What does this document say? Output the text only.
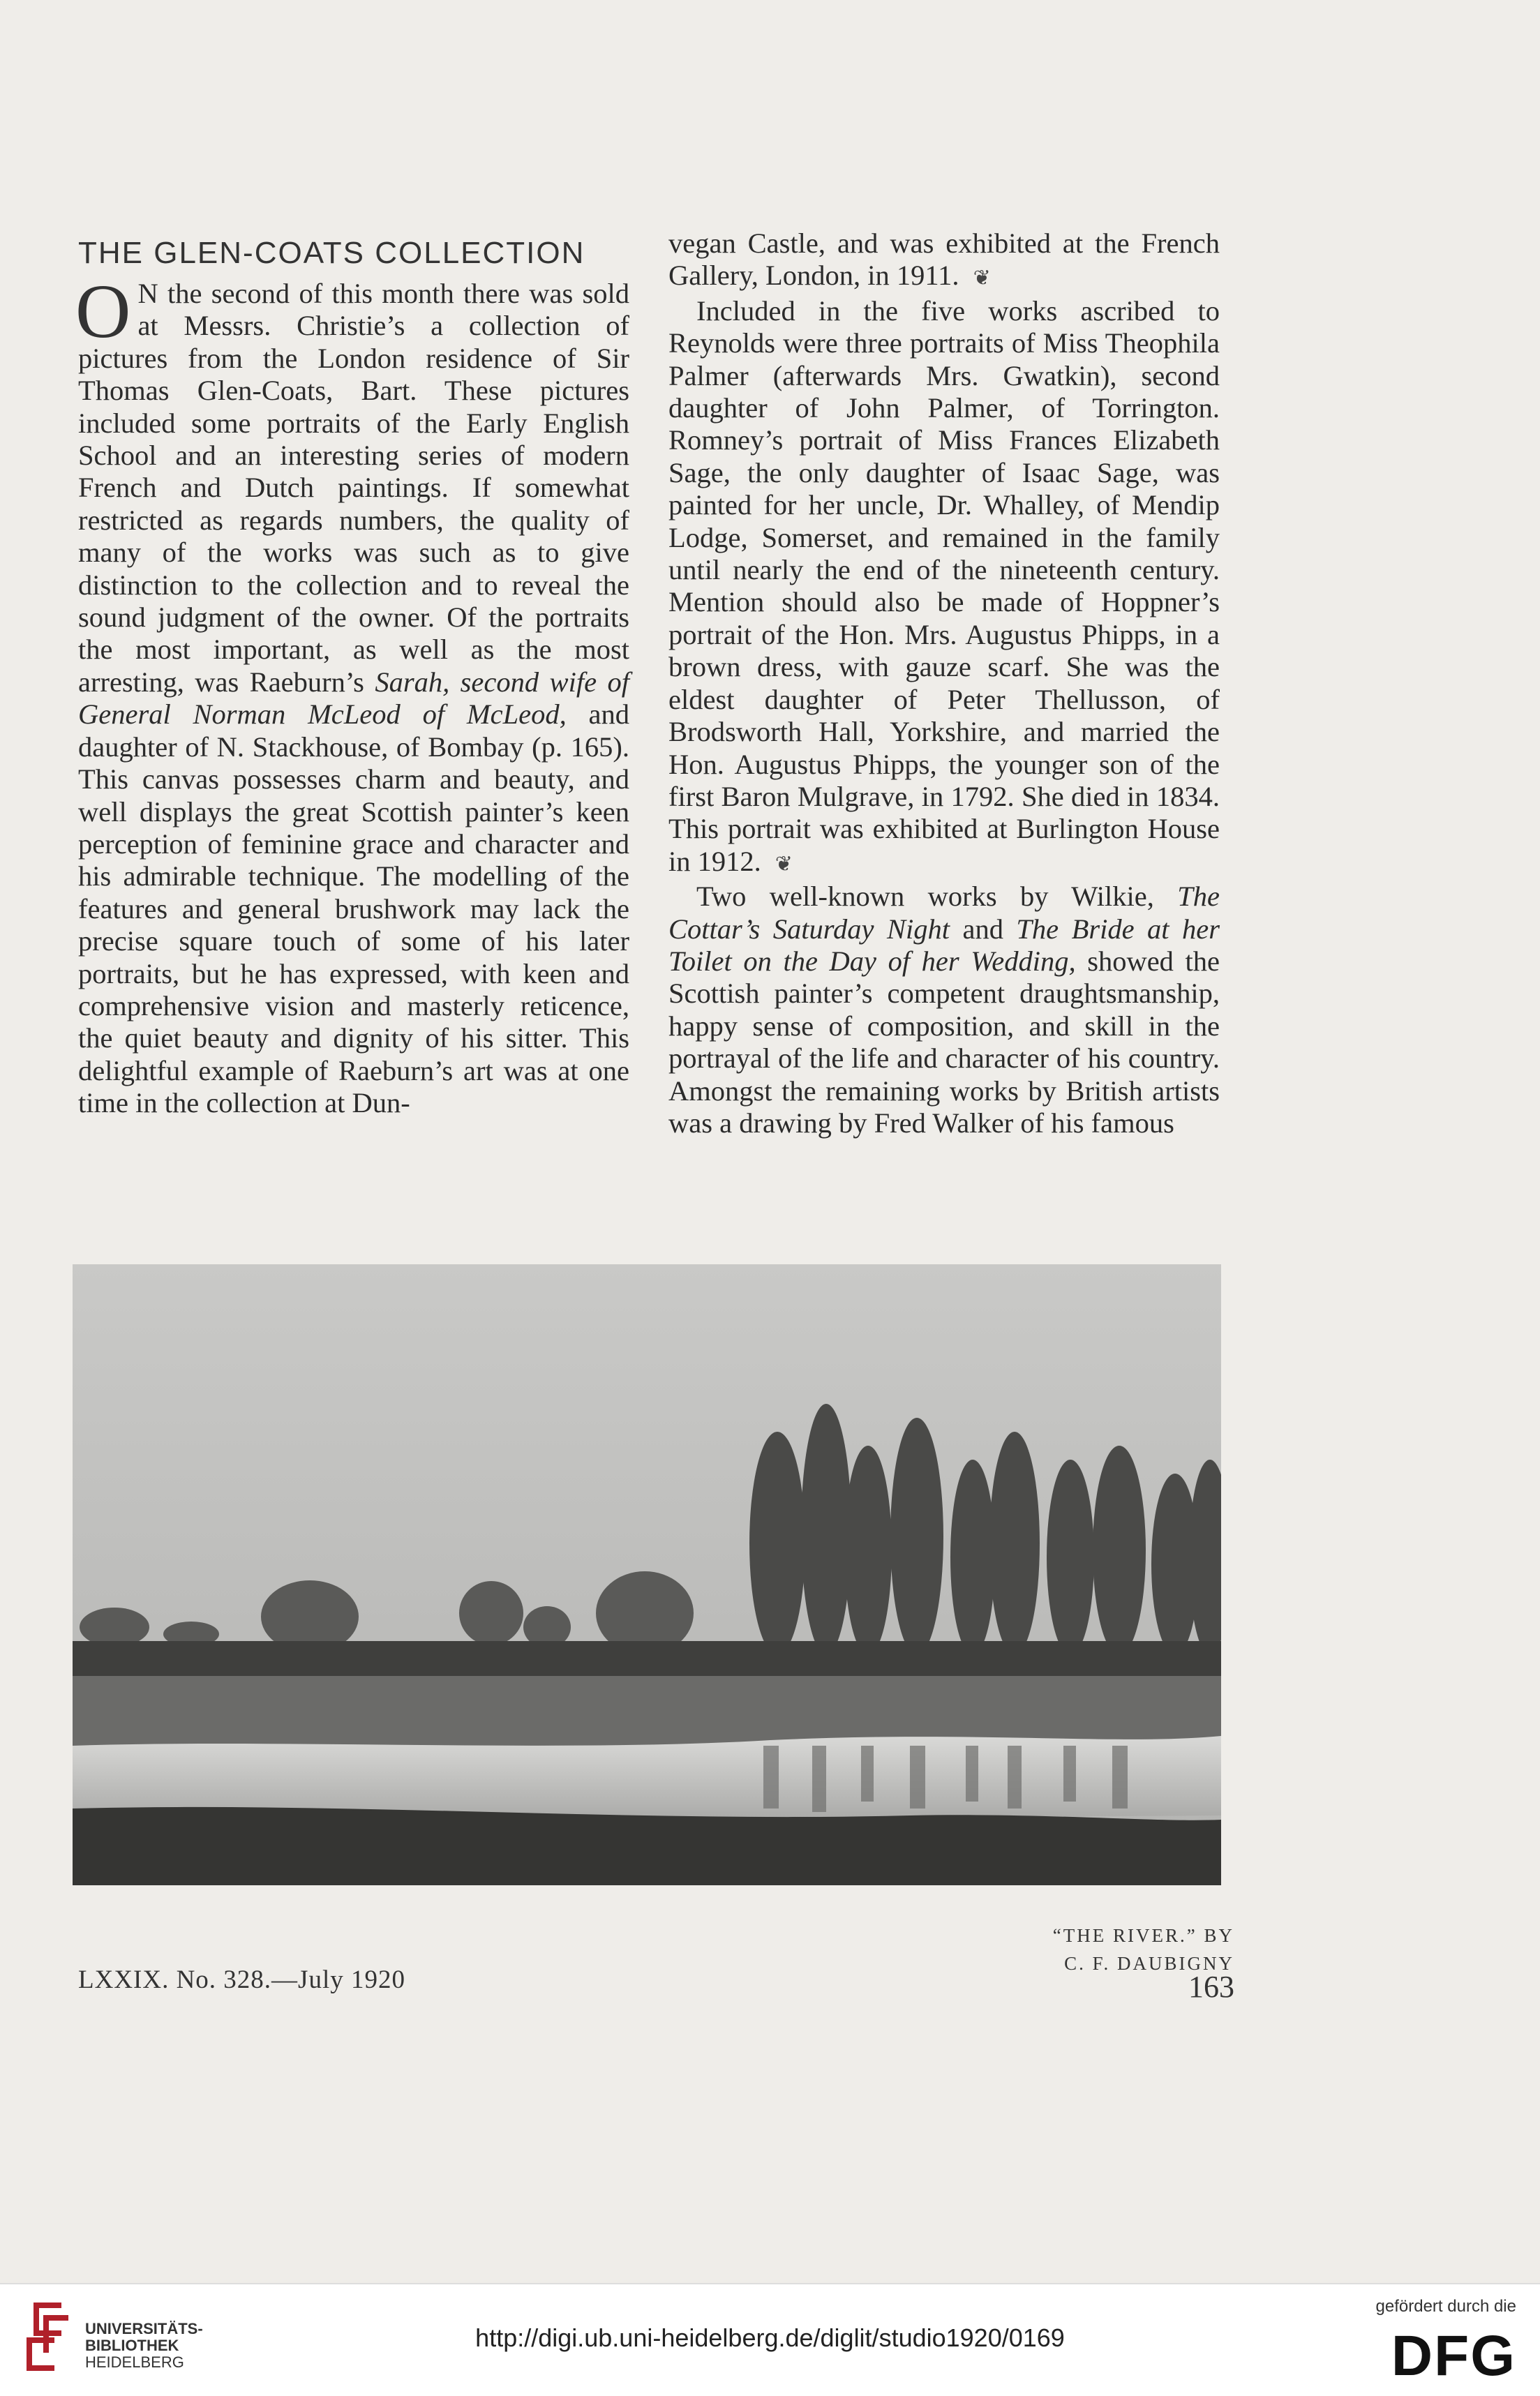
THE GLEN-COATS COLLECTION

O N the second of this month there was sold at Messrs. Christie’s a collection of pictures from the London residence of Sir Thomas Glen-Coats, Bart. These pictures included some portraits of the Early English School and an interesting series of modern French and Dutch paintings. If somewhat restricted as regards numbers, the quality of many of the works was such as to give distinction to the collection and to reveal the sound judgment of the owner. Of the portraits the most important, as well as the most arresting, was Raeburn’s Sarah, second wife of General Norman McLeod of McLeod, and daughter of N. Stackhouse, of Bombay (p. 165). This canvas possesses charm and beauty, and well displays the great Scottish painter’s keen perception of feminine grace and character and his admirable technique. The modelling of the features and general brushwork may lack the precise square touch of some of his later portraits, but he has expressed, with keen and comprehensive vision and masterly reticence, the quiet beauty and dignity of his sitter. This delightful example of Raeburn’s art was at one time in the collection at Dun-

vegan Castle, and was exhibited at the French Gallery, London, in 1911. ❦

Included in the five works ascribed to Reynolds were three portraits of Miss Theophila Palmer (afterwards Mrs. Gwatkin), second daughter of John Palmer, of Torrington. Romney’s portrait of Miss Frances Elizabeth Sage, the only daughter of Isaac Sage, was painted for her uncle, Dr. Whalley, of Mendip Lodge, Somerset, and remained in the family until nearly the end of the nineteenth century. Mention should also be made of Hoppner’s portrait of the Hon. Mrs. Augustus Phipps, in a brown dress, with gauze scarf. She was the eldest daughter of Peter Thellusson, of Brodsworth Hall, Yorkshire, and married the Hon. Augustus Phipps, the younger son of the first Baron Mulgrave, in 1792. She died in 1834. This portrait was exhibited at Burlington House in 1912. ❦

Two well-known works by Wilkie, The Cottar’s Saturday Night and The Bride at her Toilet on the Day of her Wedding, showed the Scottish painter’s competent draughtsmanship, happy sense of composition, and skill in the portrayal of the life and character of his country. Amongst the remaining works by British artists was a drawing by Fred Walker of his famous

“THE RIVER.” BY
C. F. DAUBIGNY
LXXIX. No. 328.—July 1920	163
UNIVERSITÄTS-
BIBLIOTHEK
HEIDELBERG
http://digi.ub.uni-heidelberg.de/diglit/studio1920/0169
gefördert durch die
DFG
